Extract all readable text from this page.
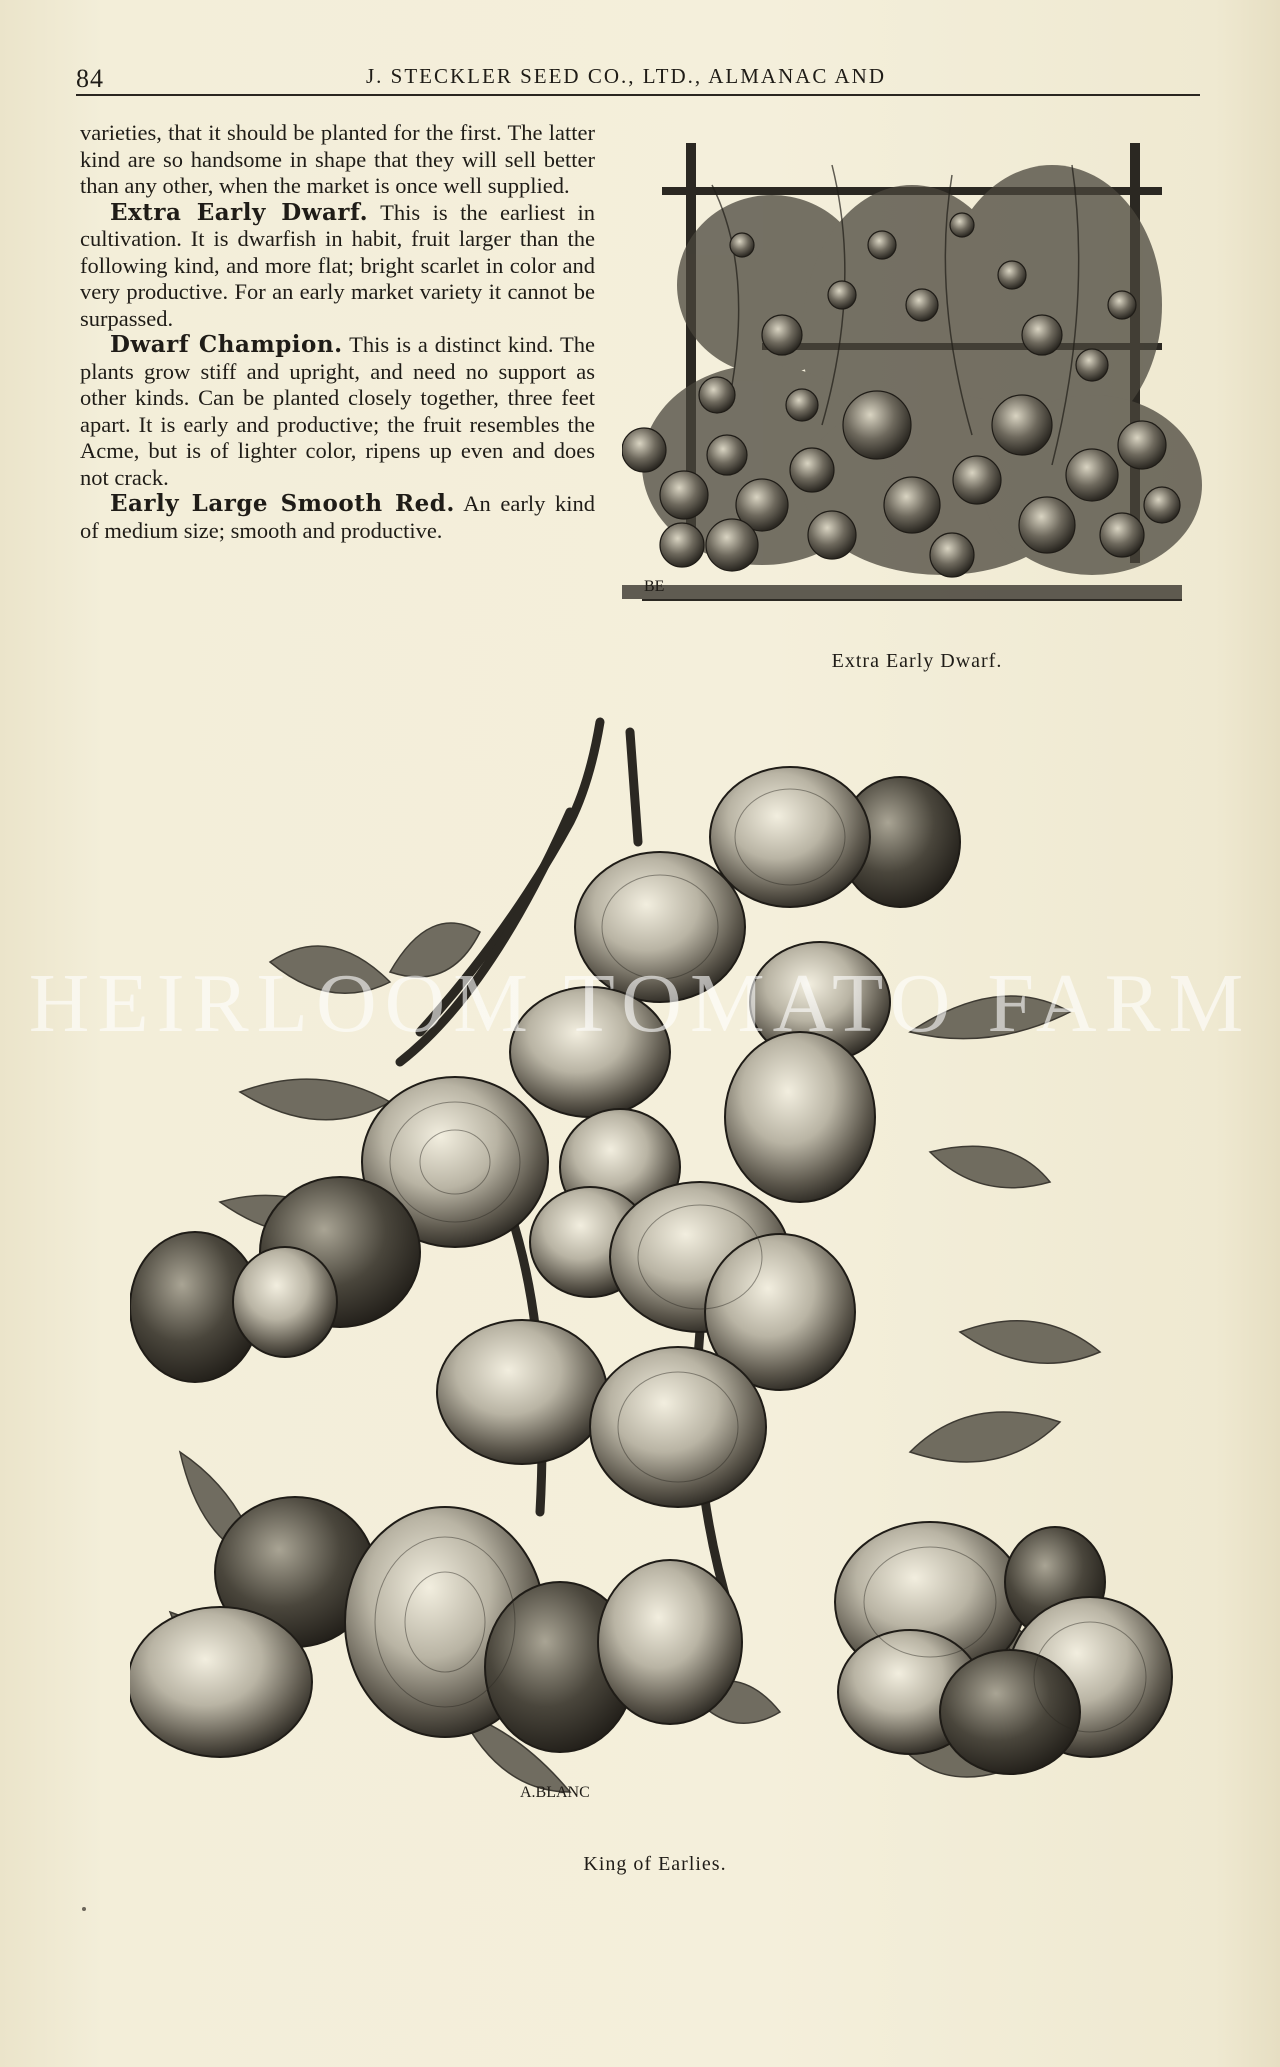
84	J. STECKLER SEED CO., LTD., ALMANAC AND

varieties, that it should be planted for the first. The latter kind are so handsome in shape that they will sell better than any other, when the market is once well supplied.

Extra Early Dwarf. This is the earliest in cultivation. It is dwarfish in habit, fruit larger than the following kind, and more flat; bright scarlet in color and very productive. For an early market variety it cannot be surpassed.

Dwarf Champion. This is a distinct kind. The plants grow stiff and upright, and need no support as other kinds. Can be planted closely together, three feet apart. It is early and productive; the fruit resembles the Acme, but is of lighter color, ripens up even and does not crack.

Early Large Smooth Red. An early kind of medium size; smooth and productive.

BE
Extra Early Dwarf.
A.BLANC
King of Earlies.
HEIRLOOM TOMATO FARM
